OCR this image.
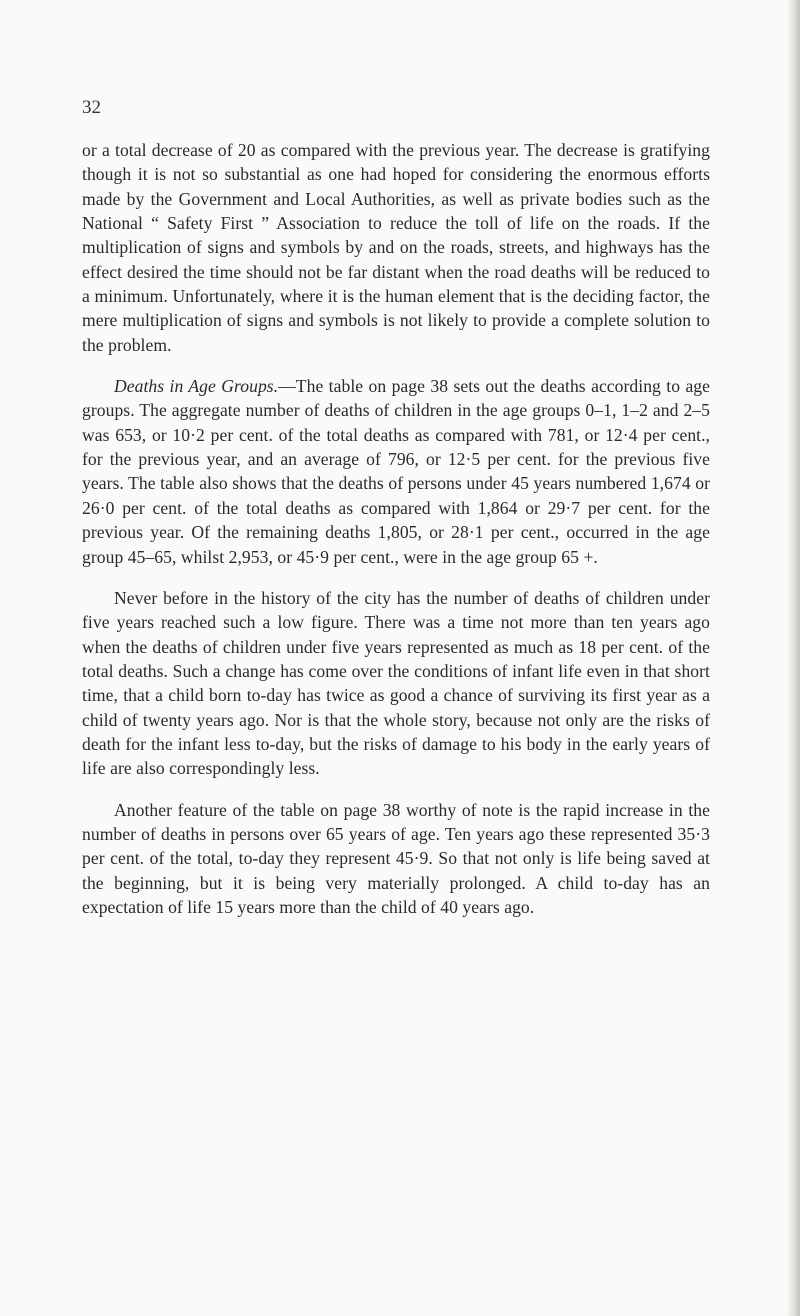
32

or a total decrease of 20 as compared with the previous year. The decrease is gratifying though it is not so substantial as one had hoped for considering the enormous efforts made by the Government and Local Authorities, as well as private bodies such as the National “ Safety First ” Association to reduce the toll of life on the roads. If the multiplication of signs and symbols by and on the roads, streets, and highways has the effect desired the time should not be far distant when the road deaths will be reduced to a minimum. Unfortunately, where it is the human element that is the deciding factor, the mere multiplication of signs and symbols is not likely to provide a complete solution to the problem.

Deaths in Age Groups.—The table on page 38 sets out the deaths according to age groups. The aggregate number of deaths of children in the age groups 0–1, 1–2 and 2–5 was 653, or 10·2 per cent. of the total deaths as compared with 781, or 12·4 per cent., for the previous year, and an average of 796, or 12·5 per cent. for the previous five years. The table also shows that the deaths of persons under 45 years numbered 1,674 or 26·0 per cent. of the total deaths as compared with 1,864 or 29·7 per cent. for the previous year. Of the remaining deaths 1,805, or 28·1 per cent., occurred in the age group 45–65, whilst 2,953, or 45·9 per cent., were in the age group 65 +.

Never before in the history of the city has the number of deaths of children under five years reached such a low figure. There was a time not more than ten years ago when the deaths of children under five years represented as much as 18 per cent. of the total deaths. Such a change has come over the conditions of infant life even in that short time, that a child born to-day has twice as good a chance of surviving its first year as a child of twenty years ago. Nor is that the whole story, because not only are the risks of death for the infant less to-day, but the risks of damage to his body in the early years of life are also correspondingly less.

Another feature of the table on page 38 worthy of note is the rapid increase in the number of deaths in persons over 65 years of age. Ten years ago these represented 35·3 per cent. of the total, to-day they represent 45·9. So that not only is life being saved at the beginning, but it is being very materially prolonged. A child to-day has an expectation of life 15 years more than the child of 40 years ago.
